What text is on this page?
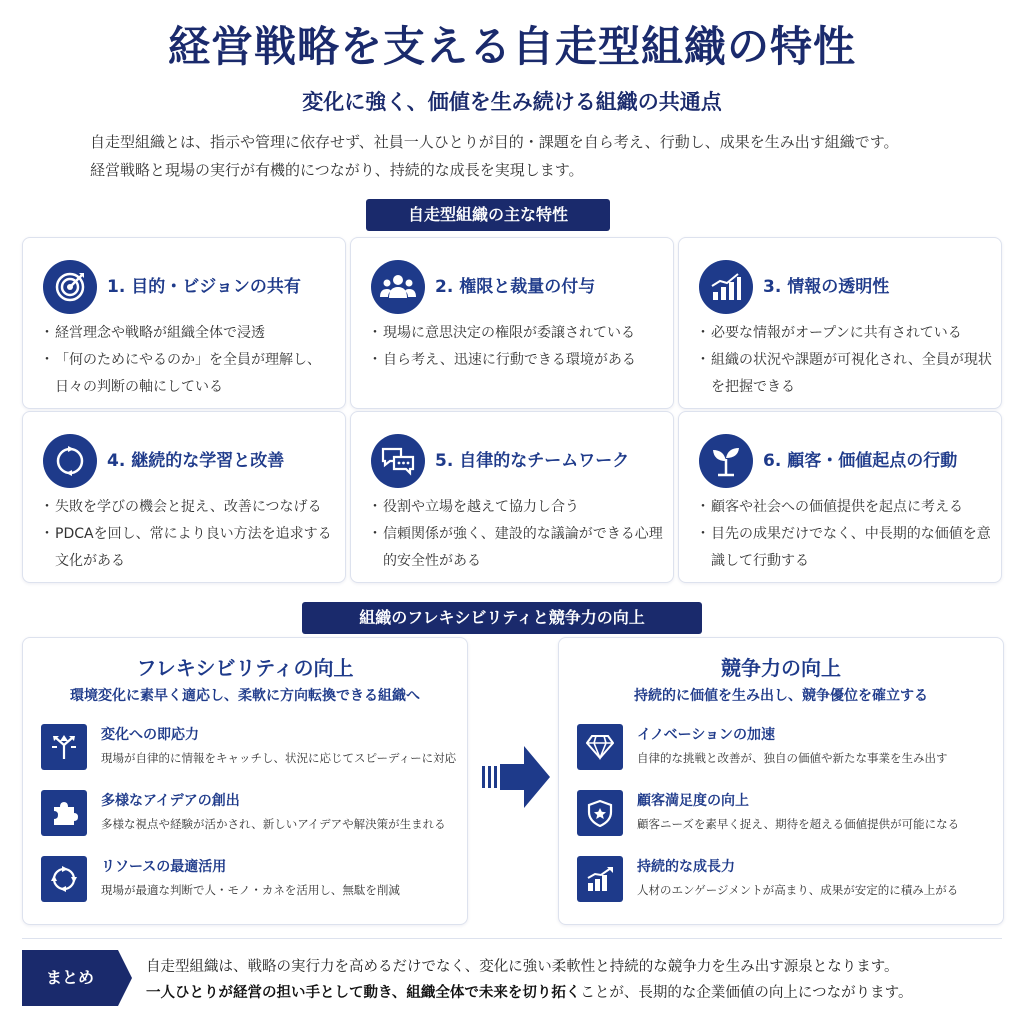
経営戦略を支える自走型組織の特性
変化に強く、価値を生み続ける組織の共通点
自走型組織とは、指示や管理に依存せず、社員一人ひとりが目的・課題を自ら考え、行動し、成果を生み出す組織です。
経営戦略と現場の実行が有機的につながり、持続的な成長を実現します。
自走型組織の主な特性
1. 目的・ビジョンの共有
・ 経営理念や戦略が組織全体で浸透
・ 「何のためにやるのか」を全員が理解し、日々の判断の軸にしている
2. 権限と裁量の付与
・ 現場に意思決定の権限が委譲されている
・ 自ら考え、迅速に行動できる環境がある
3. 情報の透明性
・ 必要な情報がオープンに共有されている
・ 組織の状況や課題が可視化され、全員が現状を把握できる
4. 継続的な学習と改善
・ 失敗を学びの機会と捉え、改善につなげる
・ PDCAを回し、常により良い方法を追求する文化がある
5. 自律的なチームワーク
・ 役割や立場を越えて協力し合う
・ 信頼関係が強く、建設的な議論ができる心理的安全性がある
6. 顧客・価値起点の行動
・ 顧客や社会への価値提供を起点に考える
・ 目先の成果だけでなく、中長期的な価値を意識して行動する
組織のフレキシビリティと競争力の向上
フレキシビリティの向上
環境変化に素早く適応し、柔軟に方向転換できる組織へ
変化への即応力
現場が自律的に情報をキャッチし、状況に応じてスピーディーに対応
多様なアイデアの創出
多様な視点や経験が活かされ、新しいアイデアや解決策が生まれる
リソースの最適活用
現場が最適な判断で人・モノ・カネを活用し、無駄を削減
競争力の向上
持続的に価値を生み出し、競争優位を確立する
イノベーションの加速
自律的な挑戦と改善が、独自の価値や新たな事業を生み出す
顧客満足度の向上
顧客ニーズを素早く捉え、期待を超える価値提供が可能になる
持続的な成長力
人材のエンゲージメントが高まり、成果が安定的に積み上がる
まとめ
自走型組織は、戦略の実行力を高めるだけでなく、変化に強い柔軟性と持続的な競争力を生み出す源泉となります。
一人ひとりが経営の担い手として動き、組織全体で未来を切り拓くことが、長期的な企業価値の向上につながります。
